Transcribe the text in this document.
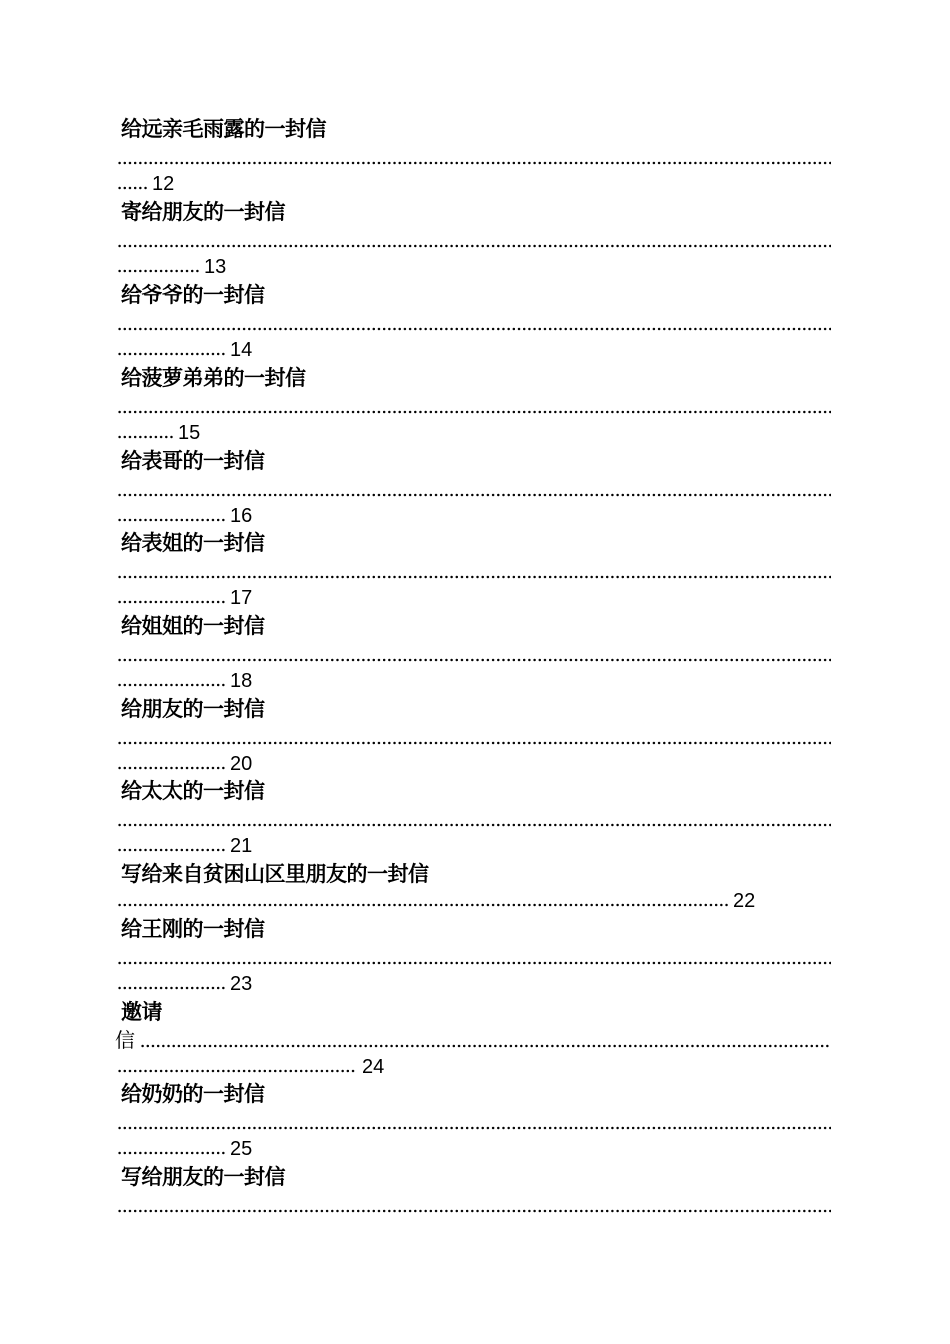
给远亲毛雨露的一封信
12
寄给朋友的一封信
13
给爷爷的一封信
14
给菠萝弟弟的一封信
15
给表哥的一封信
16
给表姐的一封信
17
给姐姐的一封信
18
给朋友的一封信
20
给太太的一封信
21
写给来自贫困山区里朋友的一封信
22
给王刚的一封信
23
邀请
信
24
给奶奶的一封信
25
写给朋友的一封信
